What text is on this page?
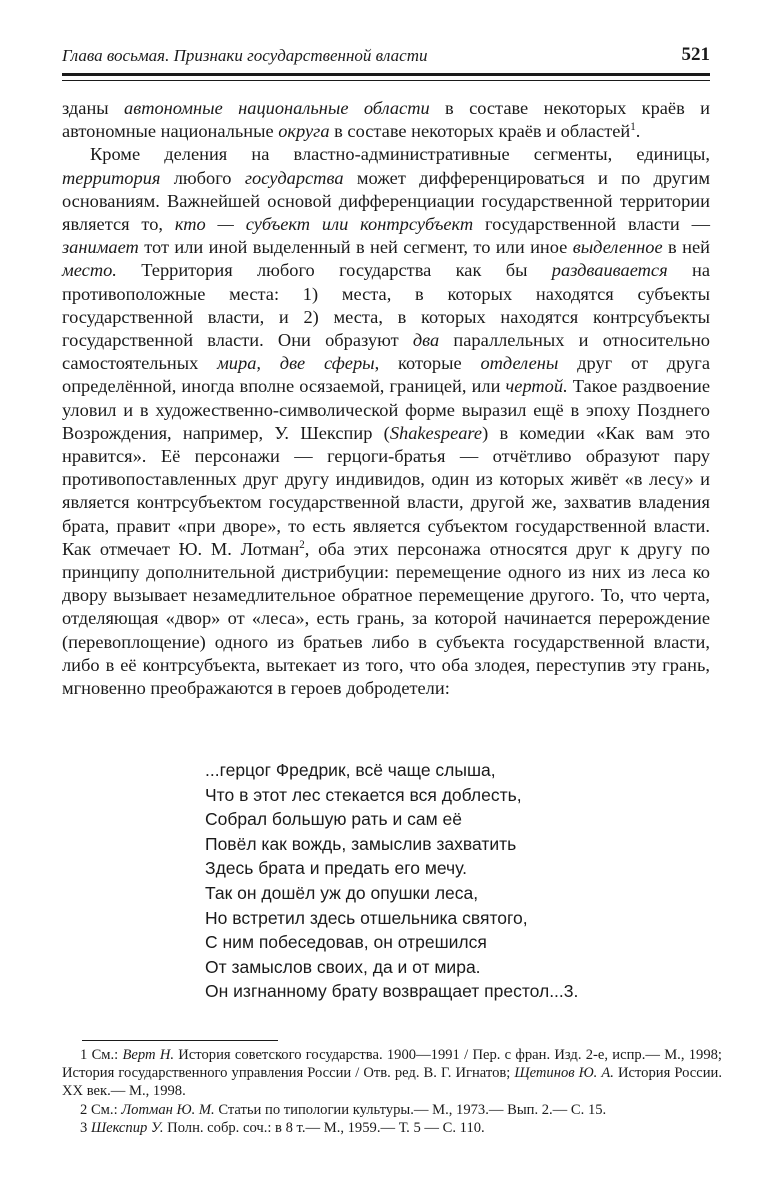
Глава восьмая. Признаки государственной власти	521

зданы автономные национальные области в составе некоторых краёв и автономные национальные округа в составе некоторых краёв и областей$^1$.

Кроме деления на властно-административные сегменты, единицы, территория любого государства может дифференцироваться и по другим основаниям. Важнейшей основой дифференциации государственной территории является то, кто — субъект или контрсубъект государственной власти — занимает тот или иной выделенный в ней сегмент, то или иное выделенное в ней место. Территория любого государства как бы раздваивается на противоположные места: 1) места, в которых находятся субъекты государственной власти, и 2) места, в которых находятся контрсубъекты государственной власти. Они образуют два параллельных и относительно самостоятельных мира, две сферы, которые отделены друг от друга определённой, иногда вполне осязаемой, границей, или чертой. Такое раздвоение уловил и в художественно-символической форме выразил ещё в эпоху Позднего Возрождения, например, У. Шекспир (Shakespeare) в комедии «Как вам это нравится». Её персонажи — герцоги-братья — отчётливо образуют пару противопоставленных друг другу индивидов, один из которых живёт «в лесу» и является контрсубъектом государственной власти, другой же, захватив владения брата, правит «при дворе», то есть является субъектом государственной власти. Как отмечает Ю. М. Лотман$^2$, оба этих персонажа относятся друг к другу по принципу дополнительной дистрибуции: перемещение одного из них из леса ко двору вызывает незамедлительное обратное перемещение другого. То, что черта, отделяющая «двор» от «леса», есть грань, за которой начинается перерождение (перевоплощение) одного из братьев либо в субъекта государственной власти, либо в её контрсубъекта, вытекает из того, что оба злодея, переступив эту грань, мгновенно преображаются в героев добродетели:

...герцог Фредрик, всё чаще слыша,
Что в этот лес стекается вся доблесть,
Собрал большую рать и сам её
Повёл как вождь, замыслив захватить
Здесь брата и предать его мечу.
Так он дошёл уж до опушки леса,
Но встретил здесь отшельника святого,
С ним побеседовав, он отрешился
От замыслов своих, да и от мира.
Он изгнанному брату возвращает престол...3.

1 См.: Верт Н. История советского государства. 1900—1991 / Пер. с фран. Изд. 2-е, испр.— М., 1998; История государственного управления России / Отв. ред. В. Г. Игнатов; Щетинов Ю. А. История России. XX век.— М., 1998.

2 См.: Лотман Ю. М. Статьи по типологии культуры.— М., 1973.— Вып. 2.— С. 15.

3 Шекспир У. Полн. собр. соч.: в 8 т.— М., 1959.— Т. 5 — С. 110.
